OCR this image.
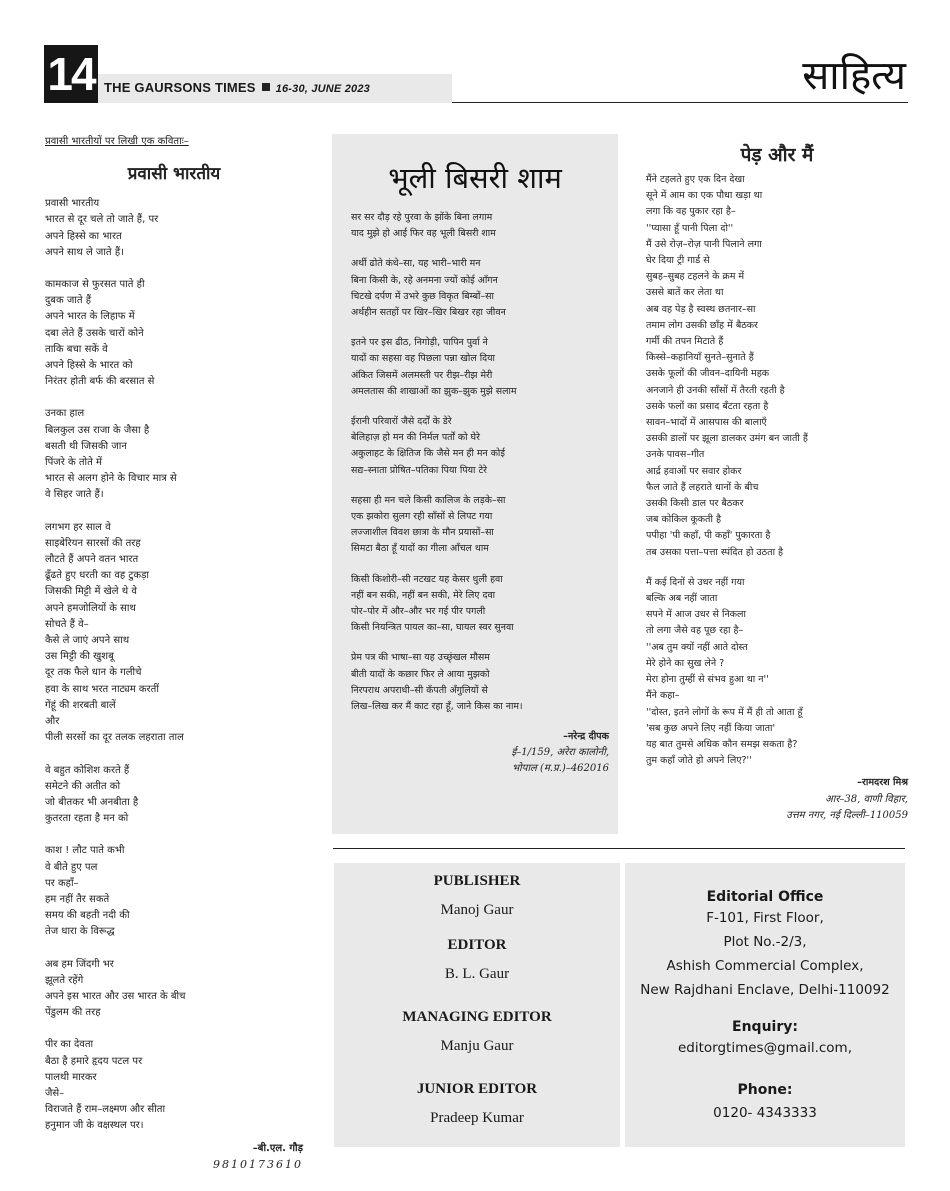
14 THE GAURSONS TIMES 16-30, JUNE 2023	साहित्य
प्रवासी भारतीयों पर लिखी एक कविताः–
प्रवासी भारतीय
प्रवासी भारतीय
भारत से दूर चले तो जाते हैं, पर
अपने हिस्से का भारत
अपने साथ ले जाते हैं।
कामकाज से फुरसत पाते ही
दुबक जाते हैं
अपने भारत के लिहाफ में
दबा लेते हैं उसके चारों कोने
ताकि बचा सकें वे
अपने हिस्से के भारत को
निरंतर होती बर्फ की बरसात से
उनका हाल
बिलकुल उस राजा के जैसा है
बसती थी जिसकी जान
पिंजरे के तोते में
भारत से अलग होने के विचार मात्र से
वे सिहर जाते हैं।
लगभग हर साल वे
साइबेरियन सारसों की तरह
लौटते हैं अपने वतन भारत
ढूँढते हुए धरती का वह टुकड़ा
जिसकी मिट्टी में खेले थे वे
अपने हमजोलियों के साथ
सोचते हैं वे–
कैसे ले जाएं अपने साथ
उस मिट्टी की खुशबू
दूर तक फैले धान के गलीचे
हवा के साथ भरत नाट्यम करतीं
गेंहूं की शरबती बालें
और
पीली सरसों का दूर तलक लहराता ताल
वे बहुत कोशिश करते हैं
समेटने की अतीत को
जो बीतकर भी अनबीता है
कुतरता रहता है मन को
काश ! लौट पाते कभी
वे बीते हुए पल
पर कहाँ–
हम नहीं तैर सकते
समय की बहती नदी की
तेज धारा के विरूद्ध
अब हम जिंदगी भर
झूलते रहेंगे
अपने इस भारत और उस भारत के बीच
पेंडुलम की तरह
पीर का देवता
बैठा है हमारे हृदय पटल पर
पालथी मारकर
जैसे–
विराजते हैं राम–लक्ष्मण और सीता
हनुमान जी के वक्षस्थल पर।
–बी.एल. गौड़
9810173610
भूली बिसरी शाम
सर सर दौड़ रहे पुरवा के झोंके बिना लगाम
याद मुझे हो आई फिर वह भूली बिसरी शाम
अर्थी ढोते कंधे–सा, यह भारी–भारी मन
बिना किसी के, रहे अनमना ज्यों कोई आँगन
चिटखे दर्पण में उभरे कुछ विकृत बिम्बों–सा
अर्थहीन सतहों पर खिर–खिर बिखर रहा जीवन
इतने पर इस ढीठ, निगोड़ी, पापिन पुर्वा ने
यादों का सहसा वह पिछला पन्ना खोल दिया
अंकित जिसमें अलमस्ती पर रीझ–रीझ मेरी
अमलतास की शाखाओं का झुक–झुक मुझे सलाम
ईरानी परिवारों जैसे दर्दों के डेरे
बेलिहाज़ हो मन की निर्मल पर्तों को घेरे
अकुलाहट के क्षितिज कि जैसे मन ही मन कोई
सद्य–स्नाता प्रोषित–पतिका पिया पिया टेरे
सहसा ही मन चले किसी कालिज के लड़के–सा
एक झकोरा सुलग रही साँसों से लिपट गया
लज्जाशील विवश छात्रा के मौन प्रयासों–सा
सिमटा बैठा हूँ यादों का गीला आँचल थाम
किसी किशोरी–सी नटखट यह केसर धुली हवा
नहीं बन सकी, नहीं बन सकी, मेरे लिए दवा
पोर–पोर में और–और भर गई पीर पगली
किसी नियन्त्रित पायल का–सा, घायल स्वर सुनवा
प्रेम पत्र की भाषा–सा यह उच्छृंखल मौसम
बीती यादों के कछार फिर ले आया मुझको
निरपराध अपराधी–सी कँपती अँगुलियों से
लिख–लिख कर मैं काट रहा हूँ, जाने किस का नाम।
–नरेन्द्र दीपक
ई–1/159, अरेरा कालोनी,
भोपाल (म.प्र.)–462016
पेड़ और मैं
मैंने टहलते हुए एक दिन देखा
सूने में आम का एक पौधा खड़ा था
लगा कि वह पुकार रहा है–
''प्यासा हूँ पानी पिला दो''
मैं उसे रोज़–रोज़ पानी पिलाने लगा
घेर दिया ट्री गार्ड से
सुबह–सुबह टहलने के क्रम में
उससे बातें कर लेता था
अब वह पेड़ है स्वस्थ छतनार–सा
तमाम लोग उसकी छाँह में बैठकर
गर्मी की तपन मिटाते हैं
किस्से–कहानियाँ सुनते–सुनाते हैं
उसके फूलों की जीवन–दायिनी महक
अनजाने ही उनकी साँसों में तैरती रहती है
उसके फलों का प्रसाद बँटता रहता है
सावन–भादों में आसपास की बालाएँ
उसकी डालों पर झूला डालकर उमंग बन जाती हैं
उनके पावस–गीत
आर्द्र हवाओं पर सवार होकर
फैल जाते हैं लहराते धानों के बीच
उसकी किसी डाल पर बैठकर
जब कोकिल कूकती है
पपीहा 'पी कहाँ, पी कहाँ' पुकारता है
तब उसका पत्ता–पत्ता स्पंदित हो उठता है
मैं कई दिनों से उधर नहीं गया
बल्कि अब नहीं जाता
सपने में आज उधर से निकला
तो लगा जैसे वह पूछ रहा है–
''अब तुम क्यों नहीं आते दोस्त
मेरे होने का सुख लेने ?
मेरा होना तुम्हीं से संभव हुआ था न''
मैंने कहा–
''दोस्त, इतने लोगों के रूप में मैं ही तो आता हूँ
'सब कुछ अपने लिए नहीं किया जाता'
यह बात तुमसे अधिक कौन समझ सकता है?
तुम कहाँ जोते हो अपने लिए?''
–रामदरश मिश्र
आर–38, वाणी विहार,
उत्तम नगर, नई दिल्ली–110059
PUBLISHER
Manoj Gaur
EDITOR
B. L. Gaur
MANAGING EDITOR
Manju Gaur
JUNIOR EDITOR
Pradeep Kumar
Editorial Office
F-101, First Floor,
Plot No.-2/3,
Ashish Commercial Complex,
New Rajdhani Enclave, Delhi-110092
Enquiry:
editorgtimes@gmail.com,
Phone:
0120- 4343333
